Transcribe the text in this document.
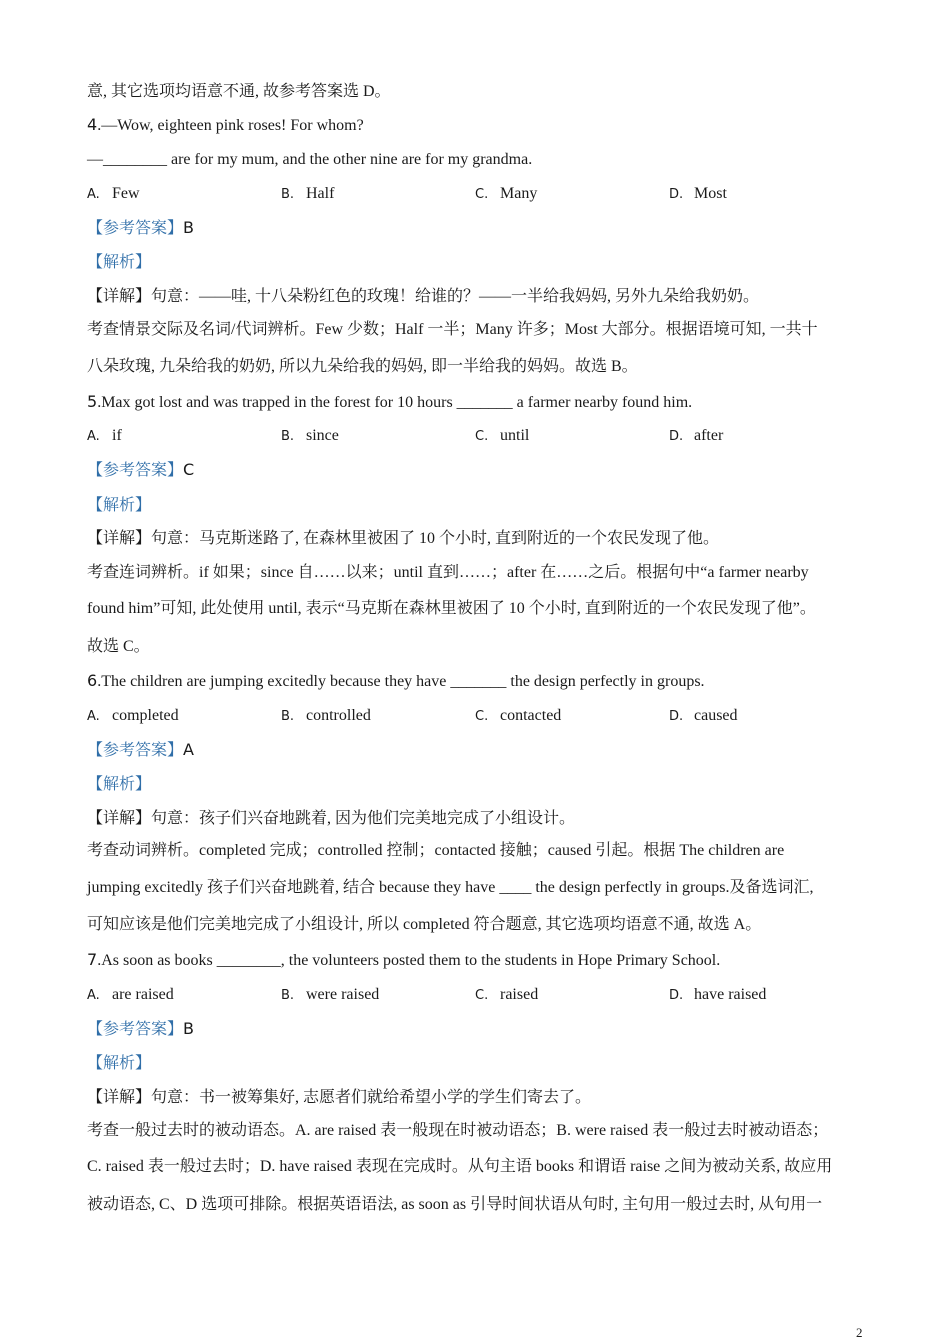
意, 其它选项均语意不通, 故参考答案选 D。
4.—Wow, eighteen pink roses! For whom?
—________ are for my mum, and the other nine are for my grandma.
A. Few	B. Half	C. Many	D. Most
【参考答案】B
【解析】
【详解】句意：——哇, 十八朵粉红色的玫瑰！给谁的？——一半给我妈妈, 另外九朵给我奶奶。
考查情景交际及名词/代词辨析。Few 少数；Half 一半；Many 许多；Most 大部分。根据语境可知, 一共十
八朵玫瑰, 九朵给我的奶奶, 所以九朵给我的妈妈, 即一半给我的妈妈。故选 B。
5.Max got lost and was trapped in the forest for 10 hours _______ a farmer nearby found him.
A. if	B. since	C. until	D. after
【参考答案】C
【解析】
【详解】句意：马克斯迷路了, 在森林里被困了 10 个小时, 直到附近的一个农民发现了他。
考查连词辨析。if 如果；since 自……以来；until 直到……；after 在……之后。根据句中“a farmer nearby
found him”可知, 此处使用 until, 表示“马克斯在森林里被困了 10 个小时, 直到附近的一个农民发现了他”。
故选 C。
6.The children are jumping excitedly because they have _______ the design perfectly in groups.
A. completed	B. controlled	C. contacted	D. caused
【参考答案】A
【解析】
【详解】句意：孩子们兴奋地跳着, 因为他们完美地完成了小组设计。
考查动词辨析。completed 完成；controlled 控制；contacted 接触；caused 引起。根据 The children are
jumping excitedly 孩子们兴奋地跳着, 结合 because they have ____ the design perfectly in groups.及备选词汇,
可知应该是他们完美地完成了小组设计, 所以 completed 符合题意, 其它选项均语意不通, 故选 A。
7.As soon as books ________, the volunteers posted them to the students in Hope Primary School.
A. are raised	B. were raised	C. raised	D. have raised
【参考答案】B
【解析】
【详解】句意：书一被筹集好, 志愿者们就给希望小学的学生们寄去了。
考查一般过去时的被动语态。A. are raised 表一般现在时被动语态；B. were raised 表一般过去时被动语态；
C. raised 表一般过去时；D. have raised 表现在完成时。从句主语 books 和谓语 raise 之间为被动关系, 故应用
被动语态, C、D 选项可排除。根据英语语法, as soon as 引导时间状语从句时, 主句用一般过去时, 从句用一
2
